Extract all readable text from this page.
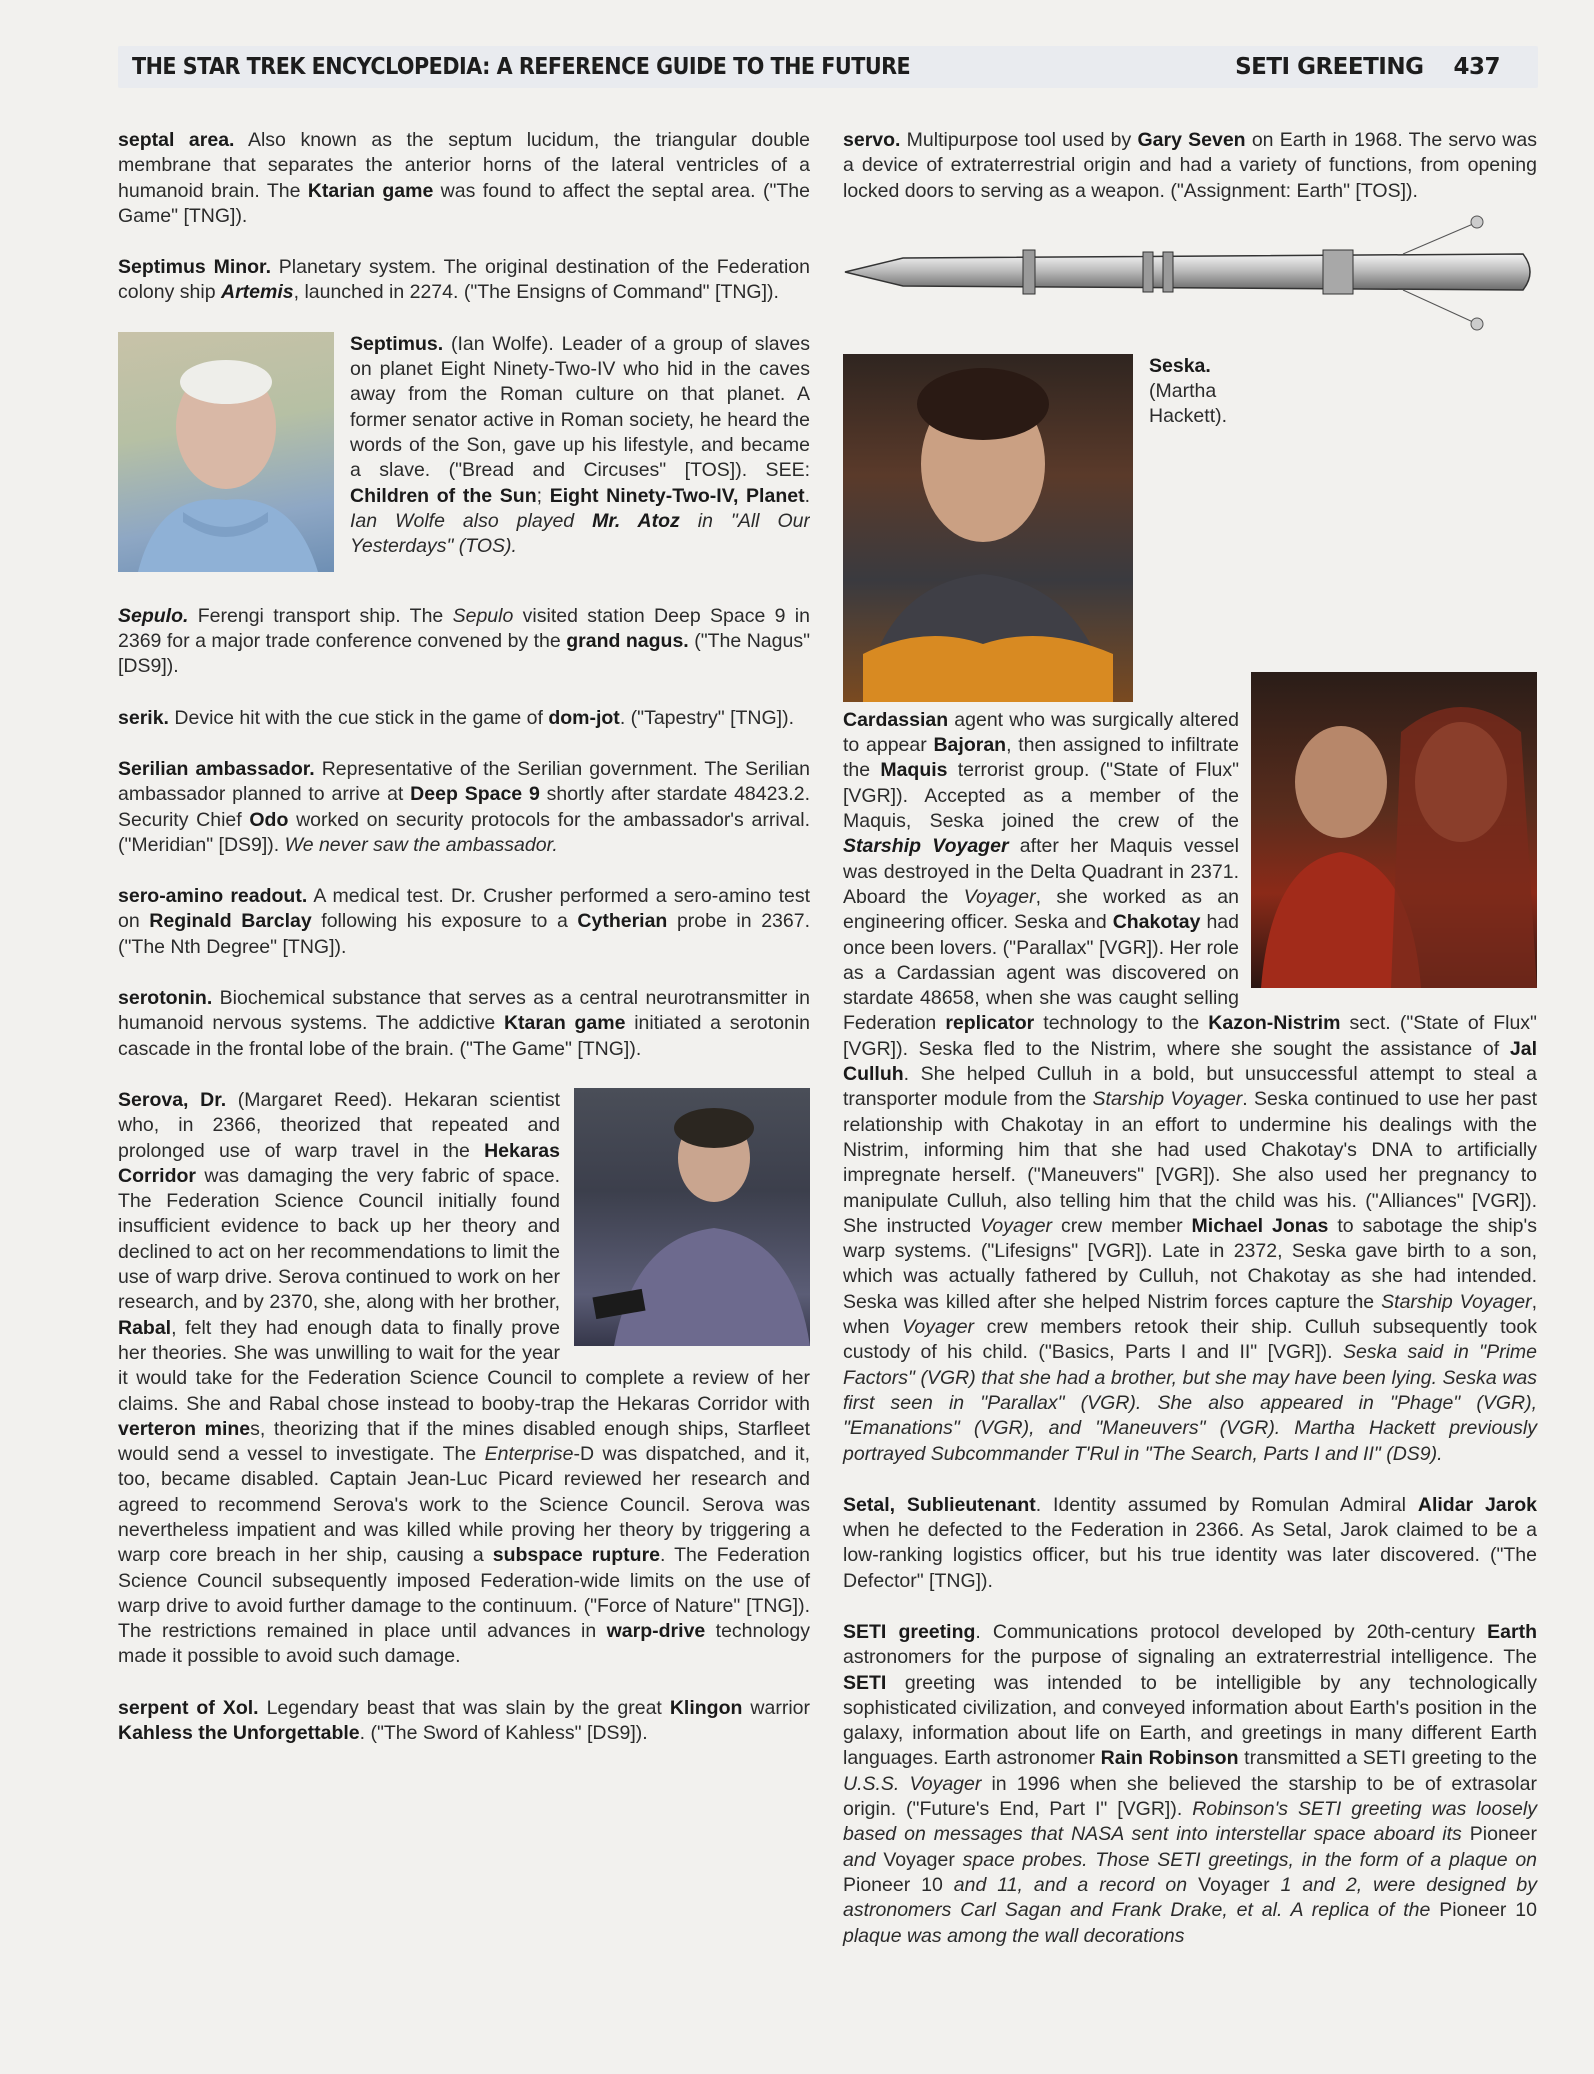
THE STAR TREK ENCYCLOPEDIA: A REFERENCE GUIDE TO THE FUTURE	SETI GREETING 437

septal area. Also known as the septum lucidum, the triangular double membrane that separates the anterior horns of the lateral ventricles of a humanoid brain. The Ktarian game was found to affect the septal area. ("The Game" [TNG]).

Septimus Minor. Planetary system. The original destination of the Federation colony ship Artemis, launched in 2274. ("The Ensigns of Command" [TNG]).

Septimus. (Ian Wolfe). Leader of a group of slaves on planet Eight Ninety-Two-IV who hid in the caves away from the Roman culture on that planet. A former senator active in Roman society, he heard the words of the Son, gave up his lifestyle, and became a slave. ("Bread and Circuses" [TOS]). SEE: Children of the Sun; Eight Ninety-Two-IV, Planet. Ian Wolfe also played Mr. Atoz in "All Our Yesterdays" (TOS).

Sepulo. Ferengi transport ship. The Sepulo visited station Deep Space 9 in 2369 for a major trade conference convened by the grand nagus. ("The Nagus" [DS9]).

serik. Device hit with the cue stick in the game of dom-jot. ("Tapestry" [TNG]).

Serilian ambassador. Representative of the Serilian government. The Serilian ambassador planned to arrive at Deep Space 9 shortly after stardate 48423.2. Security Chief Odo worked on security protocols for the ambassador's arrival. ("Meridian" [DS9]). We never saw the ambassador.

sero-amino readout. A medical test. Dr. Crusher performed a sero-amino test on Reginald Barclay following his exposure to a Cytherian probe in 2367. ("The Nth Degree" [TNG]).

serotonin. Biochemical substance that serves as a central neurotransmitter in humanoid nervous systems. The addictive Ktaran game initiated a serotonin cascade in the frontal lobe of the brain. ("The Game" [TNG]).

Serova, Dr. (Margaret Reed). Hekaran scientist who, in 2366, theorized that repeated and prolonged use of warp travel in the Hekaras Corridor was damaging the very fabric of space. The Federation Science Council initially found insufficient evidence to back up her theory and declined to act on her recommendations to limit the use of warp drive. Serova continued to work on her research, and by 2370, she, along with her brother, Rabal, felt they had enough data to finally prove her theories. She was unwilling to wait for the year it would take for the Federation Science Council to complete a review of her claims. She and Rabal chose instead to booby-trap the Hekaras Corridor with verteron mines, theorizing that if the mines disabled enough ships, Starfleet would send a vessel to investigate. The Enterprise-D was dispatched, and it, too, became disabled. Captain Jean-Luc Picard reviewed her research and agreed to recommend Serova's work to the Science Council. Serova was nevertheless impatient and was killed while proving her theory by triggering a warp core breach in her ship, causing a subspace rupture. The Federation Science Council subsequently imposed Federation-wide limits on the use of warp drive to avoid further damage to the continuum. ("Force of Nature" [TNG]). The restrictions remained in place until advances in warp-drive technology made it possible to avoid such damage.

serpent of Xol. Legendary beast that was slain by the great Klingon warrior Kahless the Unforgettable. ("The Sword of Kahless" [DS9]).

servo. Multipurpose tool used by Gary Seven on Earth in 1968. The servo was a device of extraterrestrial origin and had a variety of functions, from opening locked doors to serving as a weapon. ("Assignment: Earth" [TOS]).

Seska. (Martha Hackett). Cardassian agent who was surgically altered to appear Bajoran, then assigned to infiltrate the Maquis terrorist group. ("State of Flux" [VGR]). Accepted as a member of the Maquis, Seska joined the crew of the Starship Voyager after her Maquis vessel was destroyed in the Delta Quadrant in 2371. Aboard the Voyager, she worked as an engineering officer. Seska and Chakotay had once been lovers. ("Parallax" [VGR]). Her role as a Cardassian agent was discovered on stardate 48658, when she was caught selling Federation replicator technology to the Kazon-Nistrim sect. ("State of Flux" [VGR]). Seska fled to the Nistrim, where she sought the assistance of Jal Culluh. She helped Culluh in a bold, but unsuccessful attempt to steal a transporter module from the Starship Voyager. Seska continued to use her past relationship with Chakotay in an effort to undermine his dealings with the Nistrim, informing him that she had used Chakotay's DNA to artificially impregnate herself. ("Maneuvers" [VGR]). She also used her pregnancy to manipulate Culluh, also telling him that the child was his. ("Alliances" [VGR]). She instructed Voyager crew member Michael Jonas to sabotage the ship's warp systems. ("Lifesigns" [VGR]). Late in 2372, Seska gave birth to a son, which was actually fathered by Culluh, not Chakotay as she had intended. Seska was killed after she helped Nistrim forces capture the Starship Voyager, when Voyager crew members retook their ship. Culluh subsequently took custody of his child. ("Basics, Parts I and II" [VGR]). Seska said in "Prime Factors" (VGR) that she had a brother, but she may have been lying. Seska was first seen in "Parallax" (VGR). She also appeared in "Phage" (VGR), "Emanations" (VGR), and "Maneuvers" (VGR). Martha Hackett previously portrayed Subcommander T'Rul in "The Search, Parts I and II" (DS9).

Setal, Sublieutenant. Identity assumed by Romulan Admiral Alidar Jarok when he defected to the Federation in 2366. As Setal, Jarok claimed to be a low-ranking logistics officer, but his true identity was later discovered. ("The Defector" [TNG]).

SETI greeting. Communications protocol developed by 20th-century Earth astronomers for the purpose of signaling an extraterrestrial intelligence. The SETI greeting was intended to be intelligible by any technologically sophisticated civilization, and conveyed information about Earth's position in the galaxy, information about life on Earth, and greetings in many different Earth languages. Earth astronomer Rain Robinson transmitted a SETI greeting to the U.S.S. Voyager in 1996 when she believed the starship to be of extrasolar origin. ("Future's End, Part I" [VGR]). Robinson's SETI greeting was loosely based on messages that NASA sent into interstellar space aboard its Pioneer and Voyager space probes. Those SETI greetings, in the form of a plaque on Pioneer 10 and 11, and a record on Voyager 1 and 2, were designed by astronomers Carl Sagan and Frank Drake, et al. A replica of the Pioneer 10 plaque was among the wall decorations
